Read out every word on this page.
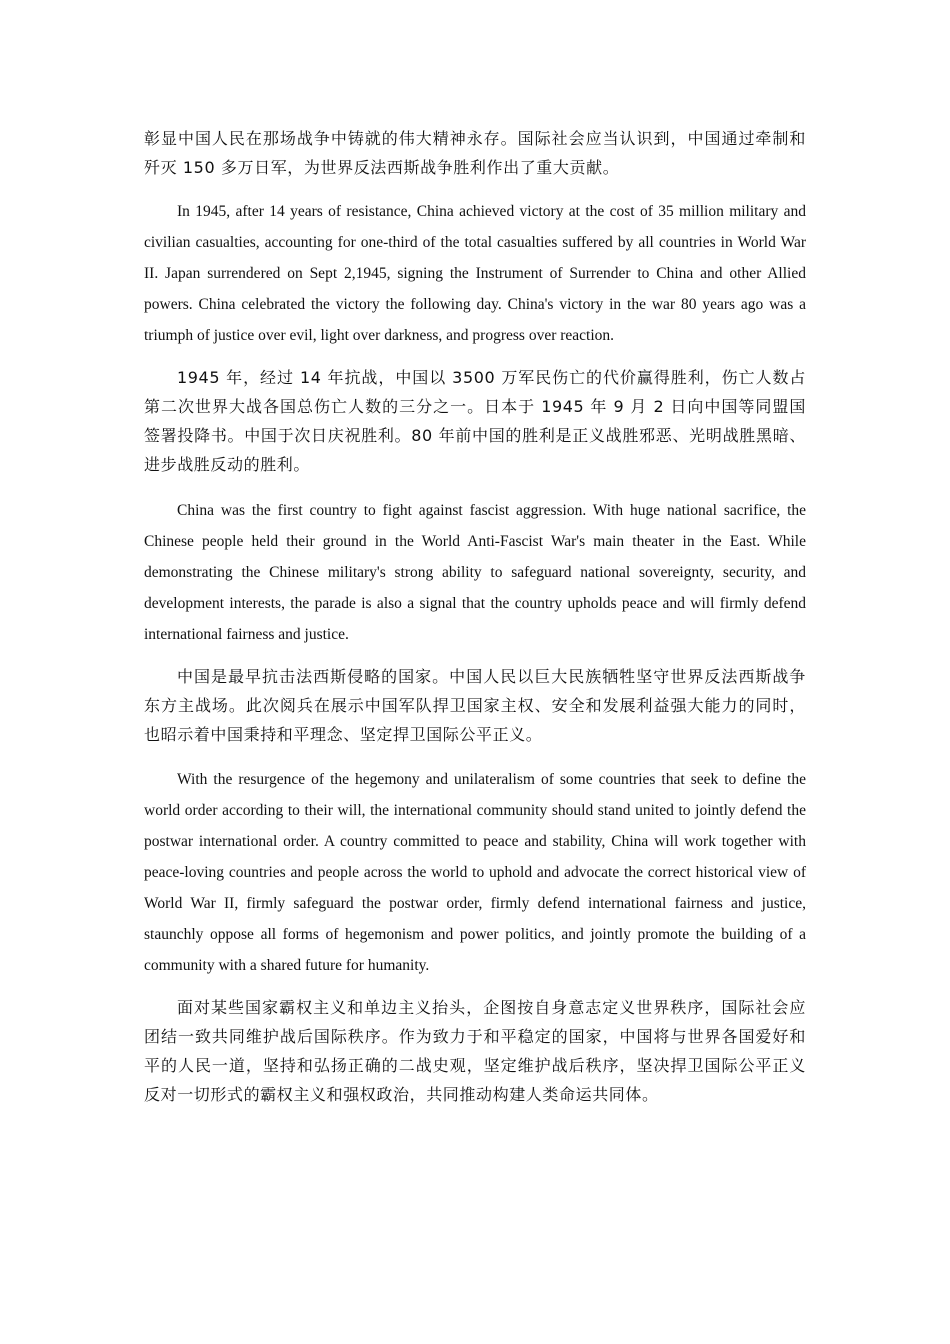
彰显中国人民在那场战争中铸就的伟大精神永存。国际社会应当认识到，中国通过牵制和歼灭 150 多万日军，为世界反法西斯战争胜利作出了重大贡献。

In 1945, after 14 years of resistance, China achieved victory at the cost of 35 million military and civilian casualties, accounting for one-third of the total casualties suffered by all countries in World War II. Japan surrendered on Sept 2,1945, signing the Instrument of Surrender to China and other Allied powers. China celebrated the victory the following day. China's victory in the war 80 years ago was a triumph of justice over evil, light over darkness, and progress over reaction.

1945 年，经过 14 年抗战，中国以 3500 万军民伤亡的代价赢得胜利，伤亡人数占第二次世界大战各国总伤亡人数的三分之一。日本于 1945 年 9 月 2 日向中国等同盟国签署投降书。中国于次日庆祝胜利。80 年前中国的胜利是正义战胜邪恶、光明战胜黑暗、进步战胜反动的胜利。

China was the first country to fight against fascist aggression. With huge national sacrifice, the Chinese people held their ground in the World Anti-Fascist War's main theater in the East. While demonstrating the Chinese military's strong ability to safeguard national sovereignty, security, and development interests, the parade is also a signal that the country upholds peace and will firmly defend international fairness and justice.

中国是最早抗击法西斯侵略的国家。中国人民以巨大民族牺牲坚守世界反法西斯战争东方主战场。此次阅兵在展示中国军队捍卫国家主权、安全和发展利益强大能力的同时，也昭示着中国秉持和平理念、坚定捍卫国际公平正义。

With the resurgence of the hegemony and unilateralism of some countries that seek to define the world order according to their will, the international community should stand united to jointly defend the postwar international order. A country committed to peace and stability, China will work together with peace-loving countries and people across the world to uphold and advocate the correct historical view of World War II, firmly safeguard the postwar order, firmly defend international fairness and justice, staunchly oppose all forms of hegemonism and power politics, and jointly promote the building of a community with a shared future for humanity.

面对某些国家霸权主义和单边主义抬头，企图按自身意志定义世界秩序，国际社会应团结一致共同维护战后国际秩序。作为致力于和平稳定的国家，中国将与世界各国爱好和平的人民一道，坚持和弘扬正确的二战史观，坚定维护战后秩序，坚决捍卫国际公平正义反对一切形式的霸权主义和强权政治，共同推动构建人类命运共同体。
